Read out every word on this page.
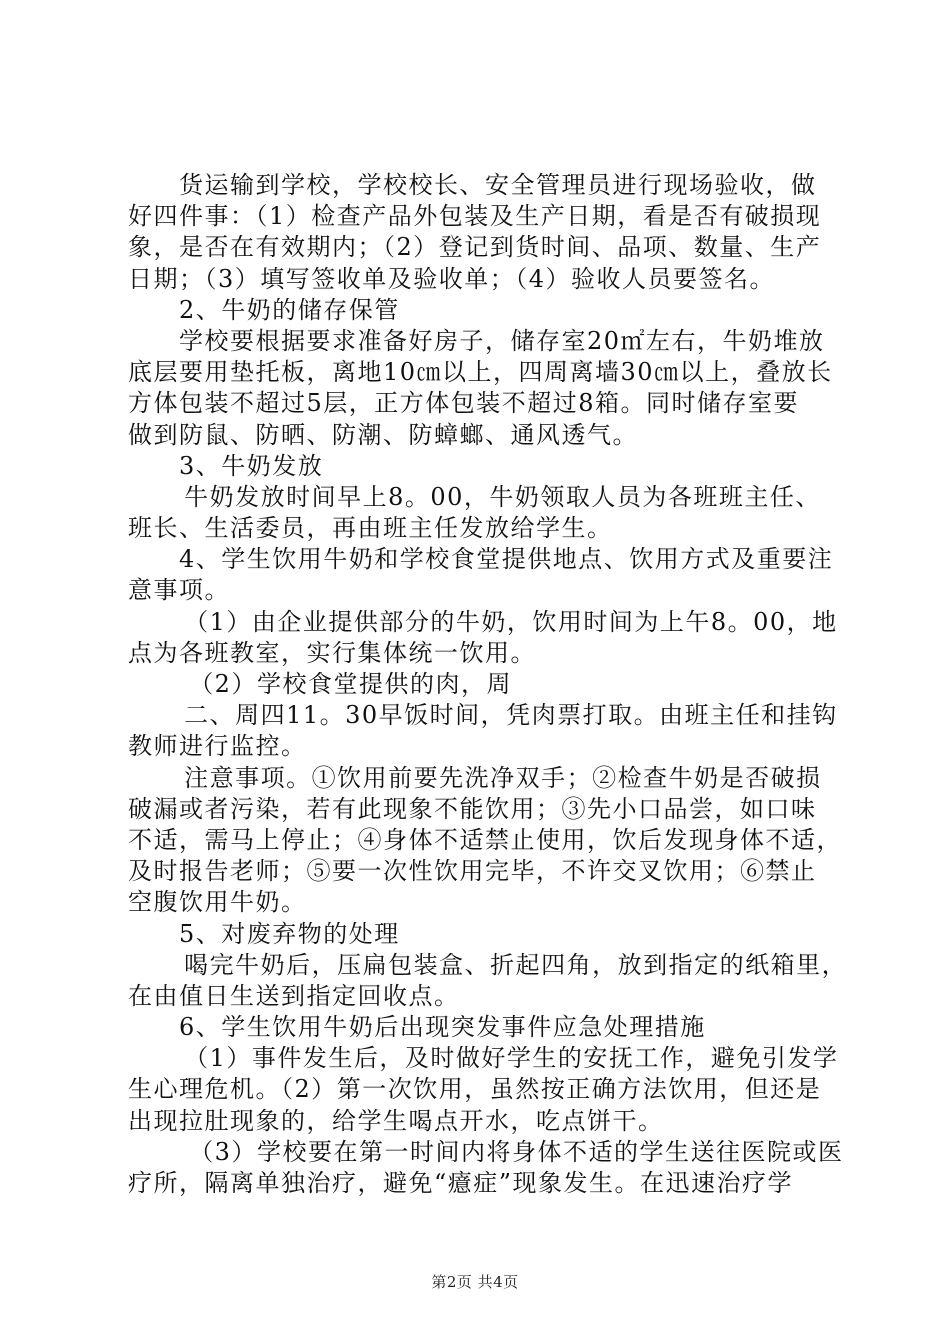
货运输到学校，学校校长、安全管理员进行现场验收，做
好四件事：（1）检查产品外包装及生产日期，看是否有破损现
象，是否在有效期内；（2）登记到货时间、品项、数量、生产
日期；（3）填写签收单及验收单；（4）验收人员要签名。
2、牛奶的储存保管
学校要根据要求准备好房子，储存室20㎡左右，牛奶堆放
底层要用垫托板，离地10㎝以上，四周离墙30㎝以上，叠放长
方体包装不超过5层，正方体包装不超过8箱。同时储存室要
做到防鼠、防晒、防潮、防蟑螂、通风透气。
3、牛奶发放
牛奶发放时间早上8。00，牛奶领取人员为各班班主任、
班长、生活委员，再由班主任发放给学生。
4、学生饮用牛奶和学校食堂提供地点、饮用方式及重要注
意事项。
（1）由企业提供部分的牛奶，饮用时间为上午8。00，地
点为各班教室，实行集体统一饮用。
（2）学校食堂提供的肉，周
二、周四11。30早饭时间，凭肉票打取。由班主任和挂钩
教师进行监控。
注意事项。①饮用前要先洗净双手；②检查牛奶是否破损
破漏或者污染，若有此现象不能饮用；③先小口品尝，如口味
不适，需马上停止；④身体不适禁止使用，饮后发现身体不适，
及时报告老师；⑤要一次性饮用完毕，不许交叉饮用；⑥禁止
空腹饮用牛奶。
5、对废弃物的处理
喝完牛奶后，压扁包装盒、折起四角，放到指定的纸箱里，
在由值日生送到指定回收点。
6、学生饮用牛奶后出现突发事件应急处理措施
（1）事件发生后，及时做好学生的安抚工作，避免引发学
生心理危机。（2）第一次饮用，虽然按正确方法饮用，但还是
出现拉肚现象的，给学生喝点开水，吃点饼干。
（3）学校要在第一时间内将身体不适的学生送往医院或医
疗所，隔离单独治疗，避免“癔症”现象发生。在迅速治疗学
第2页 共4页
